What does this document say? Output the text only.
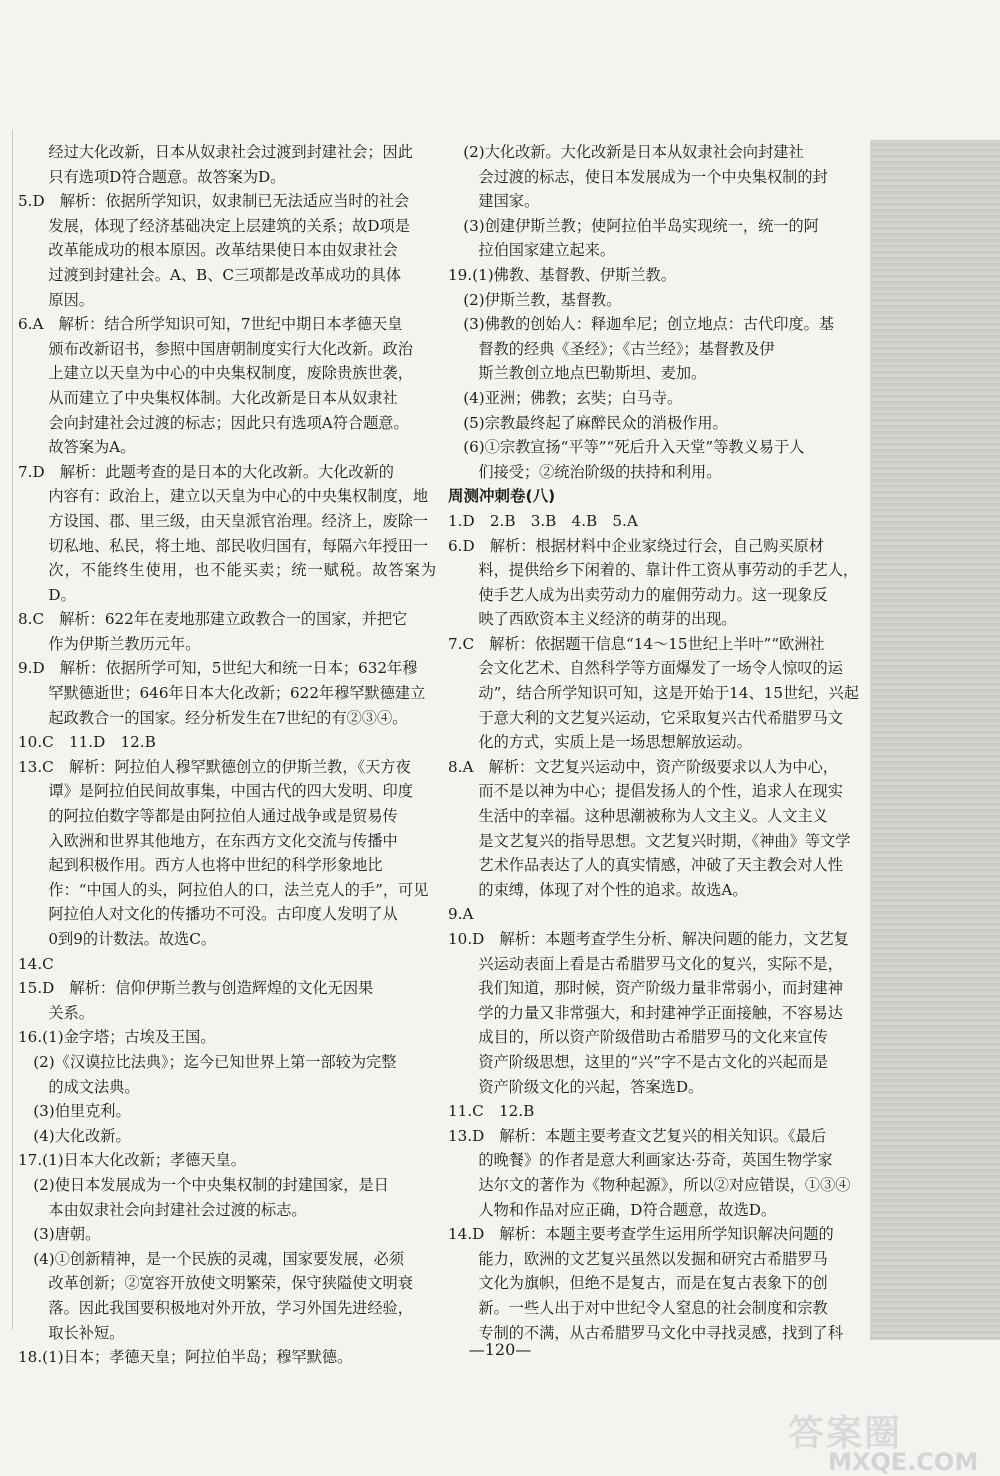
经过大化改新，日本从奴隶社会过渡到封建社会；因此

只有选项D符合题意。故答案为D。

5.D　解析：依据所学知识，奴隶制已无法适应当时的社会

发展，体现了经济基础决定上层建筑的关系；故D项是

改革能成功的根本原因。改革结果使日本由奴隶社会

过渡到封建社会。A、B、C三项都是改革成功的具体

原因。

6.A　解析：结合所学知识可知，7世纪中期日本孝德天皇

颁布改新诏书，参照中国唐朝制度实行大化改新。政治

上建立以天皇为中心的中央集权制度，废除贵族世袭，

从而建立了中央集权体制。大化改新是日本从奴隶社

会向封建社会过渡的标志；因此只有选项A符合题意。

故答案为A。

7.D　解析：此题考查的是日本的大化改新。大化改新的

内容有：政治上，建立以天皇为中心的中央集权制度，地

方设国、郡、里三级，由天皇派官治理。经济上，废除一

切私地、私民，将土地、部民收归国有，每隔六年授田一

次，不能终生使用，也不能买卖；统一赋税。故答案为D。

8.C　解析：622年在麦地那建立政教合一的国家，并把它

作为伊斯兰教历元年。

9.D　解析：依据所学可知，5世纪大和统一日本；632年穆

罕默德逝世；646年日本大化改新；622年穆罕默德建立

起政教合一的国家。经分析发生在7世纪的有②③④。

10.C　11.D　12.B

13.C　解析：阿拉伯人穆罕默德创立的伊斯兰教，《天方夜

谭》是阿拉伯民间故事集，中国古代的四大发明、印度

的阿拉伯数字等都是由阿拉伯人通过战争或是贸易传

入欧洲和世界其他地方，在东西方文化交流与传播中

起到积极作用。西方人也将中世纪的科学形象地比

作：“中国人的头，阿拉伯人的口，法兰克人的手”，可见

阿拉伯人对文化的传播功不可没。古印度人发明了从

0到9的计数法。故选C。

14.C

15.D　解析：信仰伊斯兰教与创造辉煌的文化无因果

关系。

16.(1)金字塔；古埃及王国。

(2)《汉谟拉比法典》；迄今已知世界上第一部较为完整

的成文法典。

(3)伯里克利。

(4)大化改新。

17.(1)日本大化改新；孝德天皇。

(2)使日本发展成为一个中央集权制的封建国家，是日

本由奴隶社会向封建社会过渡的标志。

(3)唐朝。

(4)①创新精神，是一个民族的灵魂，国家要发展，必须

改革创新；②宽容开放使文明繁荣，保守狭隘使文明衰

落。因此我国要积极地对外开放，学习外国先进经验，

取长补短。

18.(1)日本；孝德天皇；阿拉伯半岛；穆罕默德。

(2)大化改新。大化改新是日本从奴隶社会向封建社

会过渡的标志，使日本发展成为一个中央集权制的封

建国家。

(3)创建伊斯兰教；使阿拉伯半岛实现统一，统一的阿

拉伯国家建立起来。

19.(1)佛教、基督教、伊斯兰教。

(2)伊斯兰教，基督教。

(3)佛教的创始人：释迦牟尼；创立地点：古代印度。基

督教的经典《圣经》；《古兰经》；基督教及伊

斯兰教创立地点巴勒斯坦、麦加。

(4)亚洲；佛教；玄奘；白马寺。

(5)宗教最终起了麻醉民众的消极作用。

(6)①宗教宣扬“平等”“死后升入天堂”等教义易于人

们接受；②统治阶级的扶持和利用。

周测冲刺卷(八)

1.D　2.B　3.B　4.B　5.A

6.D　解析：根据材料中企业家绕过行会，自己购买原材

料，提供给乡下闲着的、靠计件工资从事劳动的手艺人，

使手艺人成为出卖劳动力的雇佣劳动力。这一现象反

映了西欧资本主义经济的萌芽的出现。

7.C　解析：依据题干信息“14～15世纪上半叶”“欧洲社

会文化艺术、自然科学等方面爆发了一场令人惊叹的运

动”，结合所学知识可知，这是开始于14、15世纪，兴起

于意大利的文艺复兴运动，它采取复兴古代希腊罗马文

化的方式，实质上是一场思想解放运动。

8.A　解析：文艺复兴运动中，资产阶级要求以人为中心，

而不是以神为中心；提倡发扬人的个性，追求人在现实

生活中的幸福。这种思潮被称为人文主义。人文主义

是文艺复兴的指导思想。文艺复兴时期，《神曲》等文学

艺术作品表达了人的真实情感，冲破了天主教会对人性

的束缚，体现了对个性的追求。故选A。

9.A

10.D　解析：本题考查学生分析、解决问题的能力，文艺复

兴运动表面上看是古希腊罗马文化的复兴，实际不是，

我们知道，那时候，资产阶级力量非常弱小，而封建神

学的力量又非常强大，和封建神学正面接触，不容易达

成目的，所以资产阶级借助古希腊罗马的文化来宣传

资产阶级思想，这里的“兴”字不是古文化的兴起而是

资产阶级文化的兴起，答案选D。

11.C　12.B

13.D　解析：本题主要考查文艺复兴的相关知识。《最后

的晚餐》的作者是意大利画家达·芬奇，英国生物学家

达尔文的著作为《物种起源》，所以②对应错误，①③④

人物和作品对应正确，D符合题意，故选D。

14.D　解析：本题主要考查学生运用所学知识解决问题的

能力，欧洲的文艺复兴虽然以发掘和研究古希腊罗马

文化为旗帜，但绝不是复古，而是在复古表象下的创

新。一些人出于对中世纪令人窒息的社会制度和宗教

专制的不满，从古希腊罗马文化中寻找灵感，找到了科

—120—
答案圈
MXQE.COM
